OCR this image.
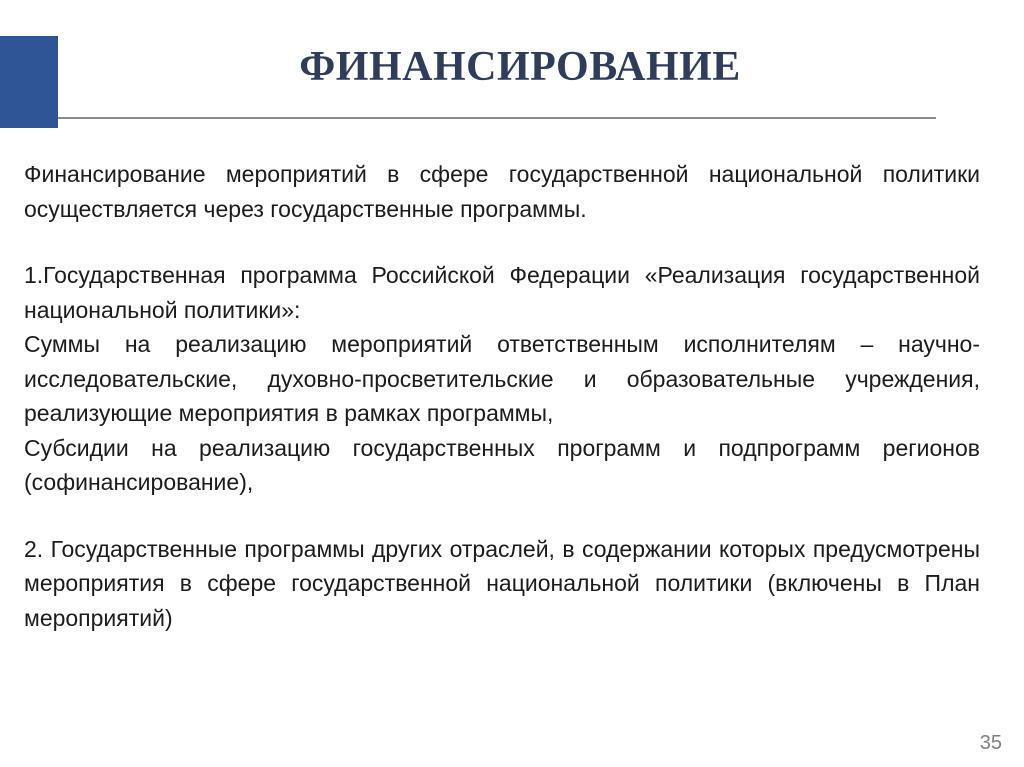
ФИНАНСИРОВАНИЕ

Финансирование мероприятий в сфере государственной национальной политики осуществляется через государственные программы.

1.Государственная программа Российской Федерации «Реализация государственной национальной политики»:

Суммы на реализацию мероприятий ответственным исполнителям – научно-исследовательские, духовно-просветительские и образовательные учреждения, реализующие мероприятия в рамках программы,

Субсидии на реализацию государственных программ и подпрограмм регионов (софинансирование),

2. Государственные программы других отраслей, в содержании которых предусмотрены мероприятия в сфере государственной национальной политики (включены в План мероприятий)

35
